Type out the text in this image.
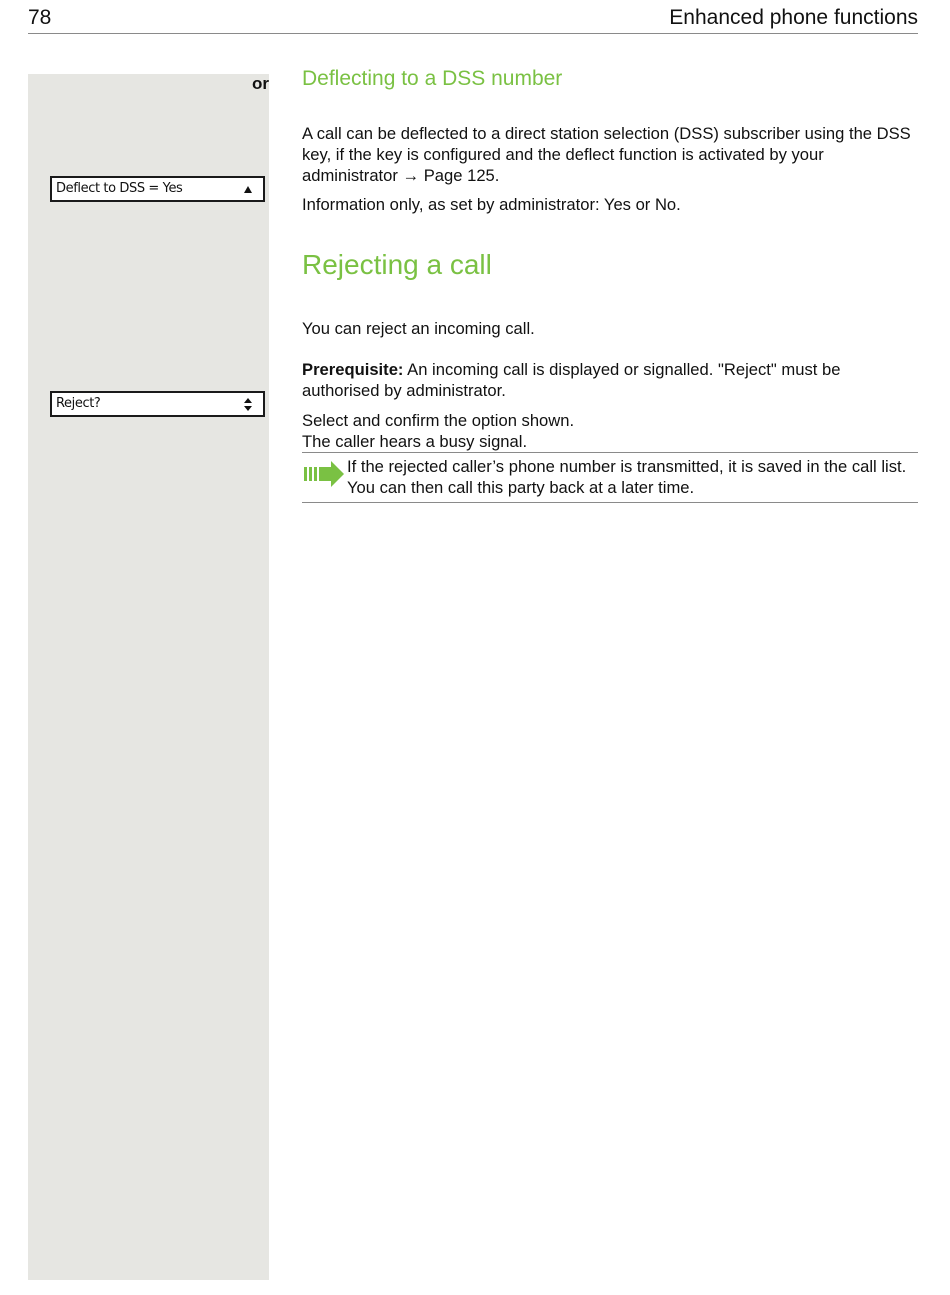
78	Enhanced phone functions
or
Deflect to DSS = Yes
Reject?
Deflecting to a DSS number

A call can be deflected to a direct station selection (DSS) subscriber using the DSS key, if the key is configured and the deflect function is activated by your administrator → Page 125.

Information only, as set by administrator: Yes or No.

Rejecting a call

You can reject an incoming call.

Prerequisite: An incoming call is displayed or signalled. "Reject" must be authorised by administrator.

Select and confirm the option shown.
The caller hears a busy signal.

If the rejected caller’s phone number is transmitted, it is saved in the call list. You can then call this party back at a later time.
